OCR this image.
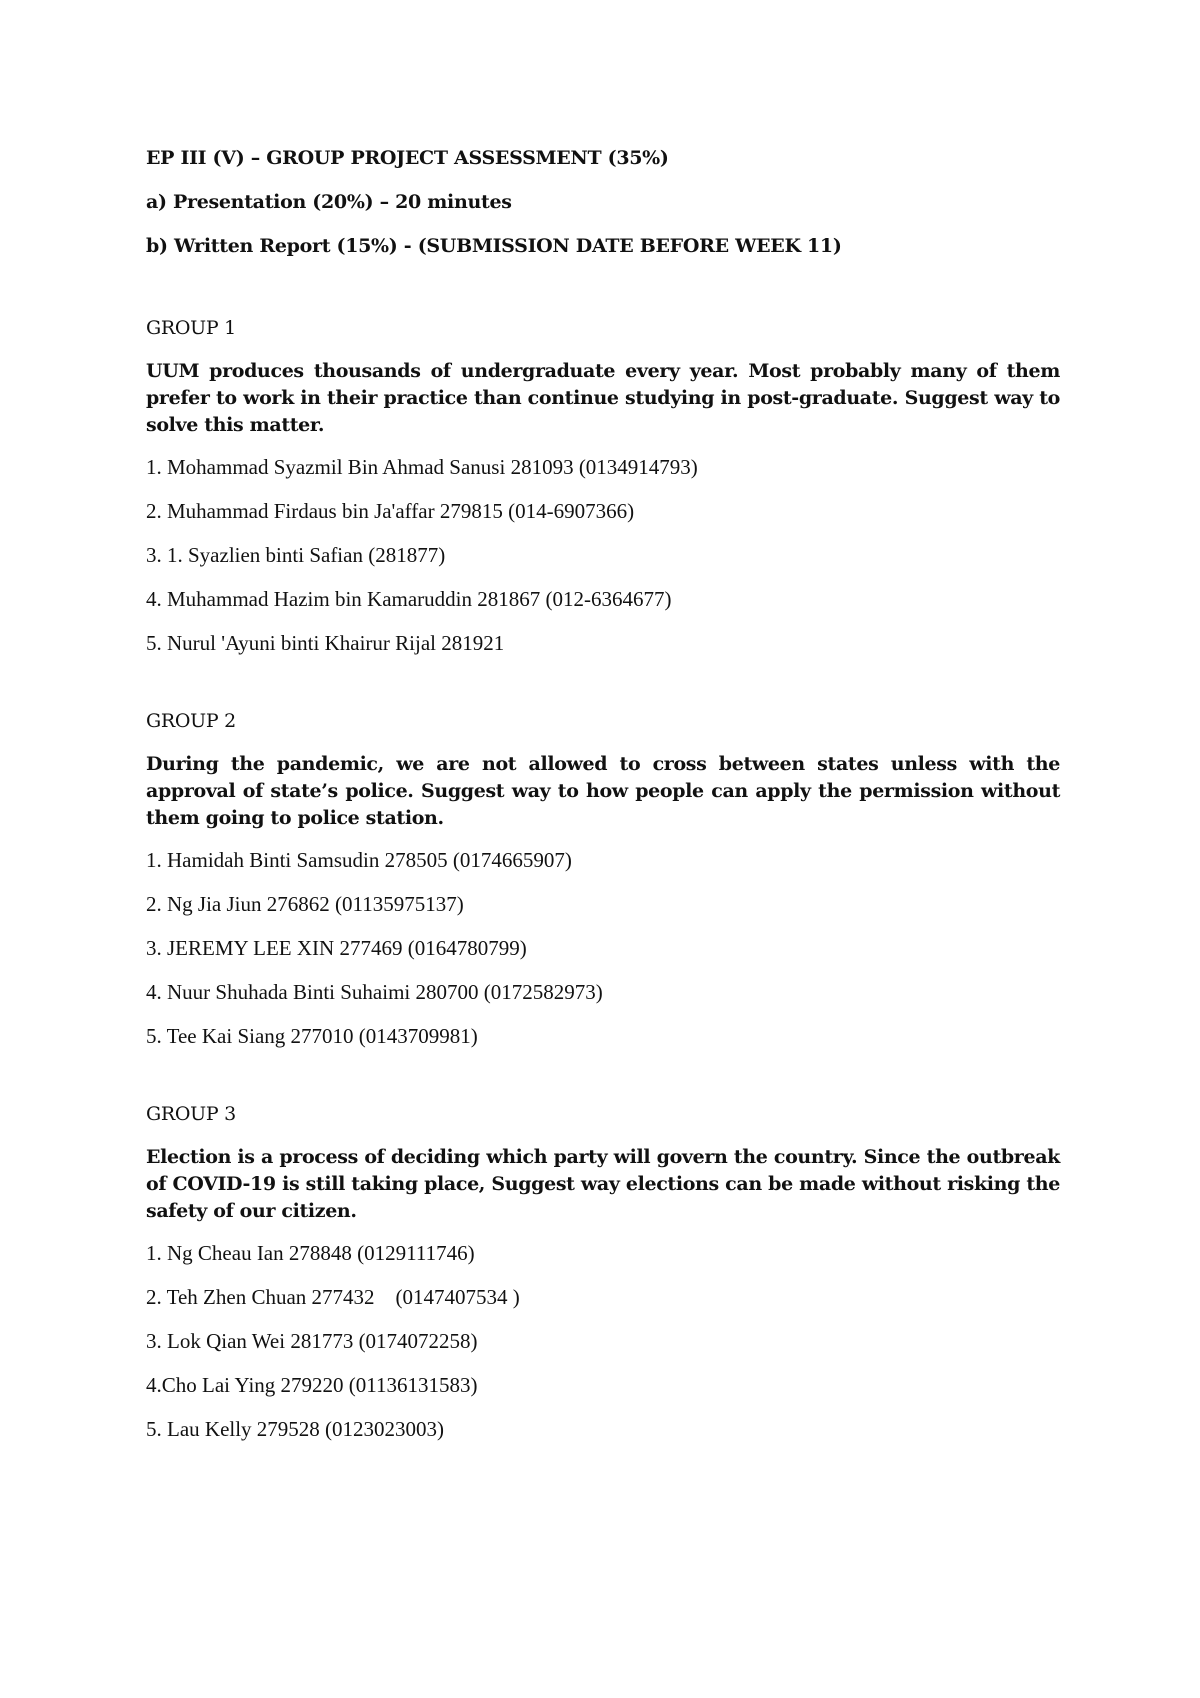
EP III (V) – GROUP PROJECT ASSESSMENT (35%)

a) Presentation (20%) – 20 minutes

b) Written Report (15%) - (SUBMISSION DATE BEFORE WEEK 11)

GROUP 1

UUM produces thousands of undergraduate every year. Most probably many of them prefer to work in their practice than continue studying in post-graduate. Suggest way to solve this matter.

1. Mohammad Syazmil Bin Ahmad Sanusi 281093 (0134914793)

2. Muhammad Firdaus bin Ja'affar 279815 (014-6907366)

3. 1. Syazlien binti Safian (281877)

4. Muhammad Hazim bin Kamaruddin 281867 (012-6364677)

5. Nurul 'Ayuni binti Khairur Rijal 281921

GROUP 2

During the pandemic, we are not allowed to cross between states unless with the approval of state’s police. Suggest way to how people can apply the permission without them going to police station.

1. Hamidah Binti Samsudin 278505 (0174665907)

2. Ng Jia Jiun 276862 (01135975137)

3. JEREMY LEE XIN 277469 (0164780799)

4. Nuur Shuhada Binti Suhaimi 280700 (0172582973)

5. Tee Kai Siang 277010 (0143709981)

GROUP 3

Election is a process of deciding which party will govern the country. Since the outbreak of COVID-19 is still taking place, Suggest way elections can be made without risking the safety of our citizen.

1. Ng Cheau Ian 278848 (0129111746)

2. Teh Zhen Chuan 277432    (0147407534 )

3. Lok Qian Wei 281773 (0174072258)

4.Cho Lai Ying 279220 (01136131583)

5. Lau Kelly 279528 (0123023003)
